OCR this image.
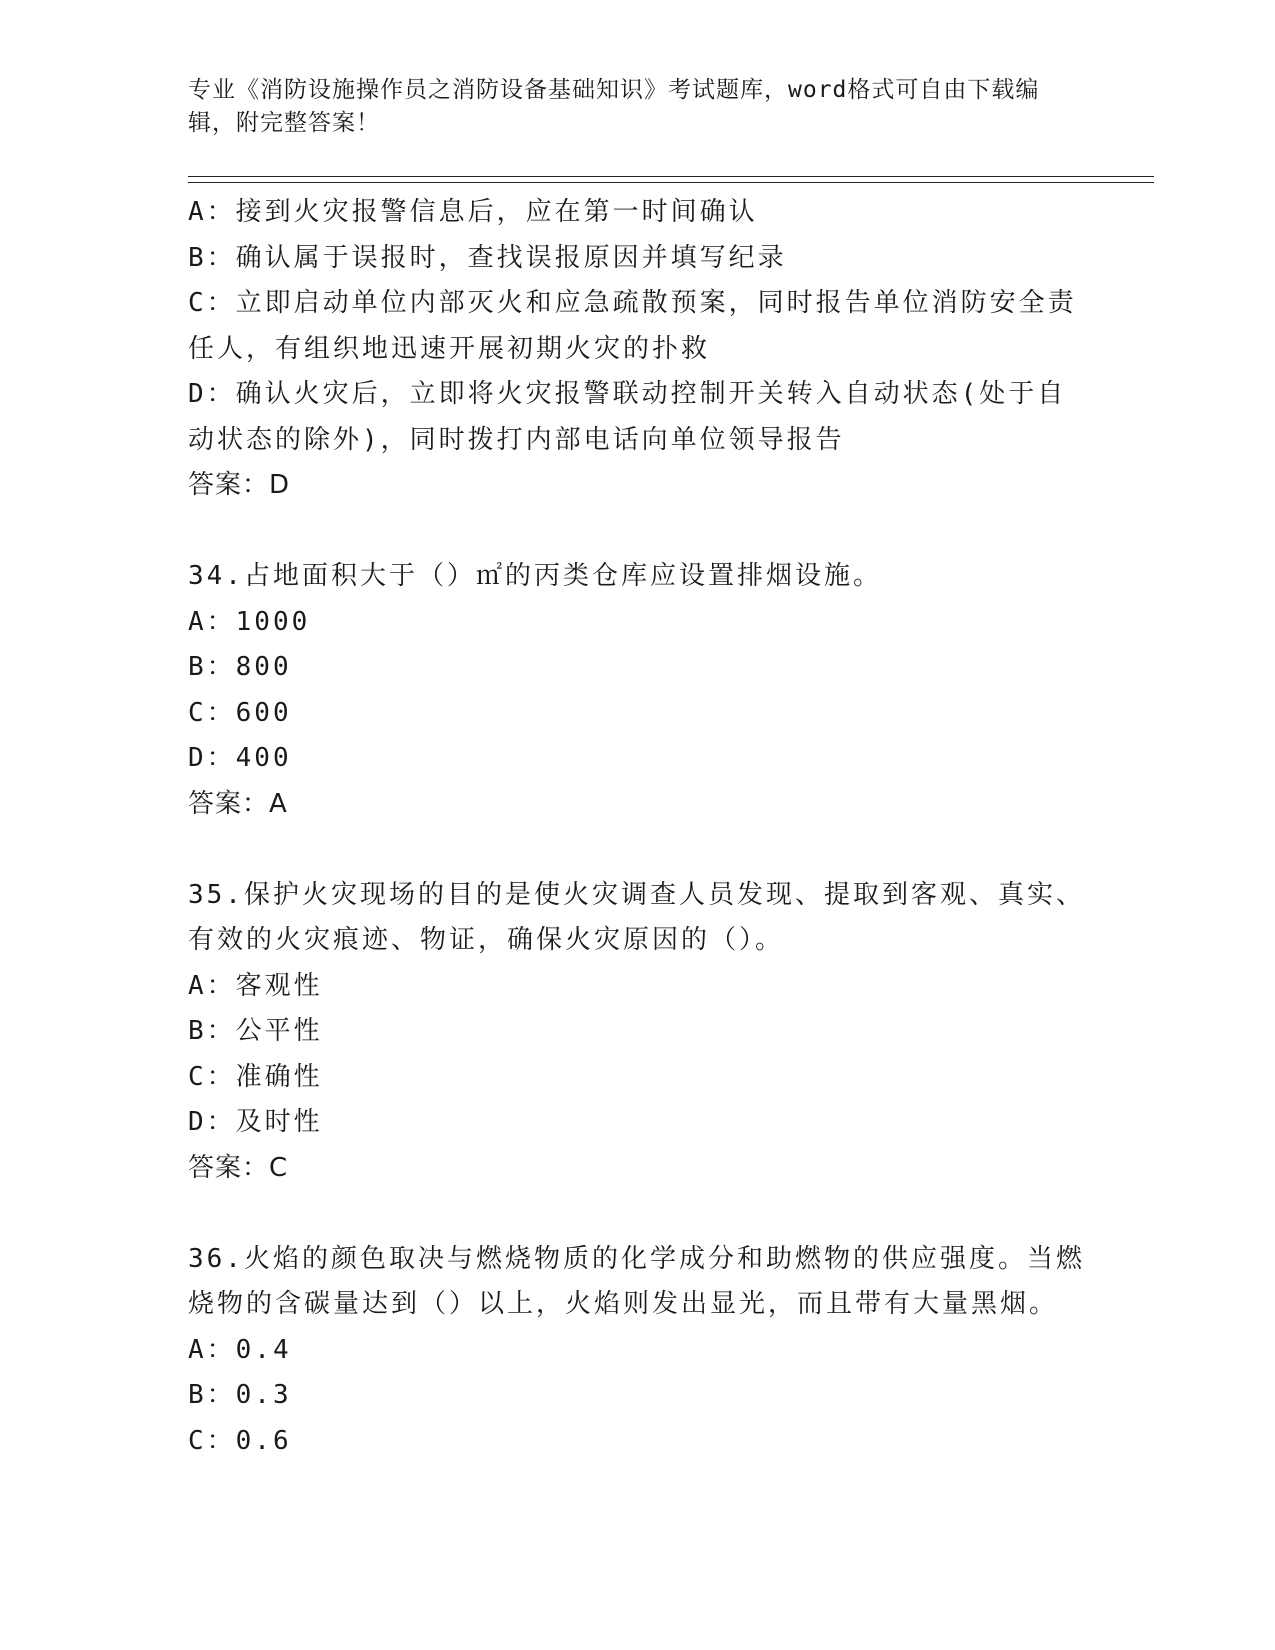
专业《消防设施操作员之消防设备基础知识》考试题库，word格式可自由下载编
辑，附完整答案！
A：接到火灾报警信息后，应在第一时间确认
B：确认属于误报时，查找误报原因并填写纪录
C：立即启动单位内部灭火和应急疏散预案，同时报告单位消防安全责
任人，有组织地迅速开展初期火灾的扑救
D：确认火灾后，立即将火灾报警联动控制开关转入自动状态(处于自
动状态的除外)，同时拨打内部电话向单位领导报告
答案：D
34.占地面积大于（）㎡的丙类仓库应设置排烟设施。
A：1000
B：800
C：600
D：400
答案：A
35.保护火灾现场的目的是使火灾调查人员发现、提取到客观、真实、
有效的火灾痕迹、物证，确保火灾原因的（）。
A：客观性
B：公平性
C：准确性
D：及时性
答案：C
36.火焰的颜色取决与燃烧物质的化学成分和助燃物的供应强度。当燃
烧物的含碳量达到（）以上，火焰则发出显光，而且带有大量黑烟。
A：0.4
B：0.3
C：0.6
